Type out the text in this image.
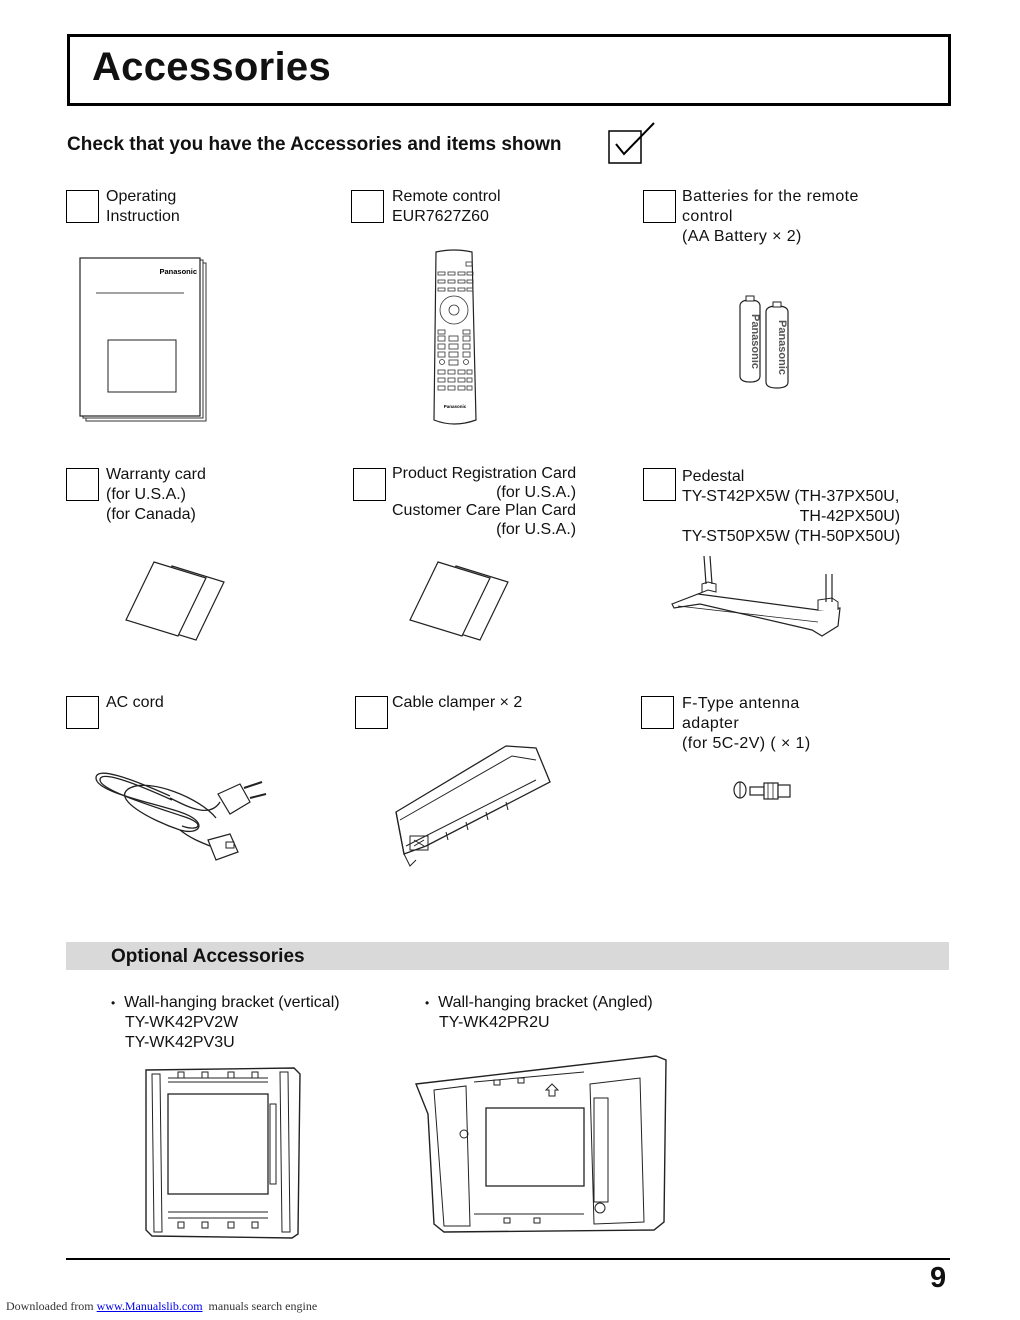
Accessories
Check that you have the Accessories and items shown
Operating
Instruction
Remote control
EUR7627Z60
Batteries for the remote
control
(AA Battery × 2)
Panasonic
Panasonic
Panasonic Panasonic
Warranty card
(for U.S.A.)
(for Canada)
Product Registration Card
(for U.S.A.)
Customer Care Plan Card
(for U.S.A.)
Pedestal
TY-ST42PX5W (TH-37PX50U,
TH-42PX50U)
TY-ST50PX5W (TH-50PX50U)
AC cord	Cable clamper × 2	F-Type antenna
adapter
(for 5C-2V) ( × 1)
Optional Accessories
• Wall-hanging bracket (vertical)
TY-WK42PV2W
TY-WK42PV3U
• Wall-hanging bracket (Angled)
TY-WK42PR2U
9
Downloaded from www.Manualslib.com  manuals search engine
